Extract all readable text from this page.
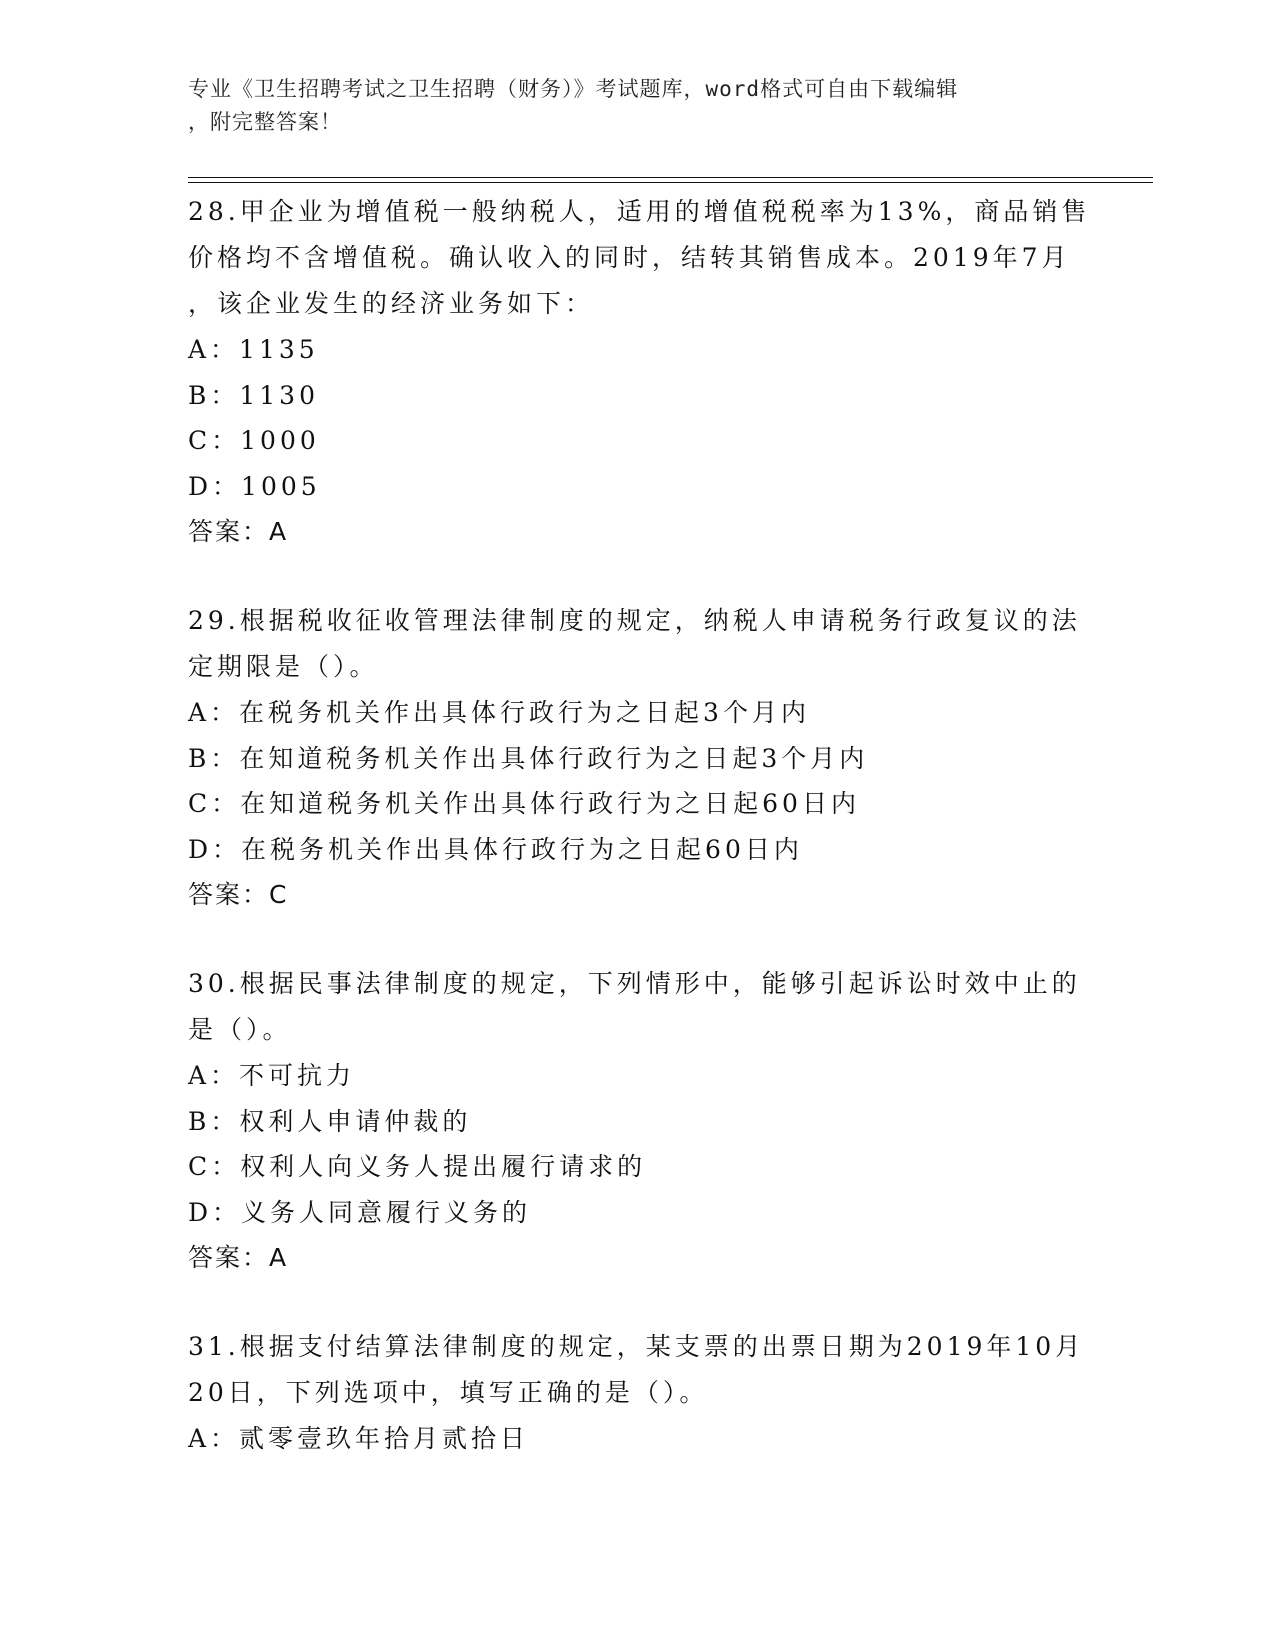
专业《卫生招聘考试之卫生招聘（财务）》考试题库，word格式可自由下载编辑
，附完整答案！
28.甲企业为增值税一般纳税人，适用的增值税税率为13%，商品销售
价格均不含增值税。确认收入的同时，结转其销售成本。2019年7月
，该企业发生的经济业务如下：
A：1135
B：1130
C：1000
D：1005
答案：A
29.根据税收征收管理法律制度的规定，纳税人申请税务行政复议的法
定期限是（）。
A：在税务机关作出具体行政行为之日起3个月内
B：在知道税务机关作出具体行政行为之日起3个月内
C：在知道税务机关作出具体行政行为之日起60日内
D：在税务机关作出具体行政行为之日起60日内
答案：C
30.根据民事法律制度的规定，下列情形中，能够引起诉讼时效中止的
是（）。
A：不可抗力
B：权利人申请仲裁的
C：权利人向义务人提出履行请求的
D：义务人同意履行义务的
答案：A
31.根据支付结算法律制度的规定，某支票的出票日期为2019年10月
20日，下列选项中，填写正确的是（）。
A：贰零壹玖年拾月贰拾日
